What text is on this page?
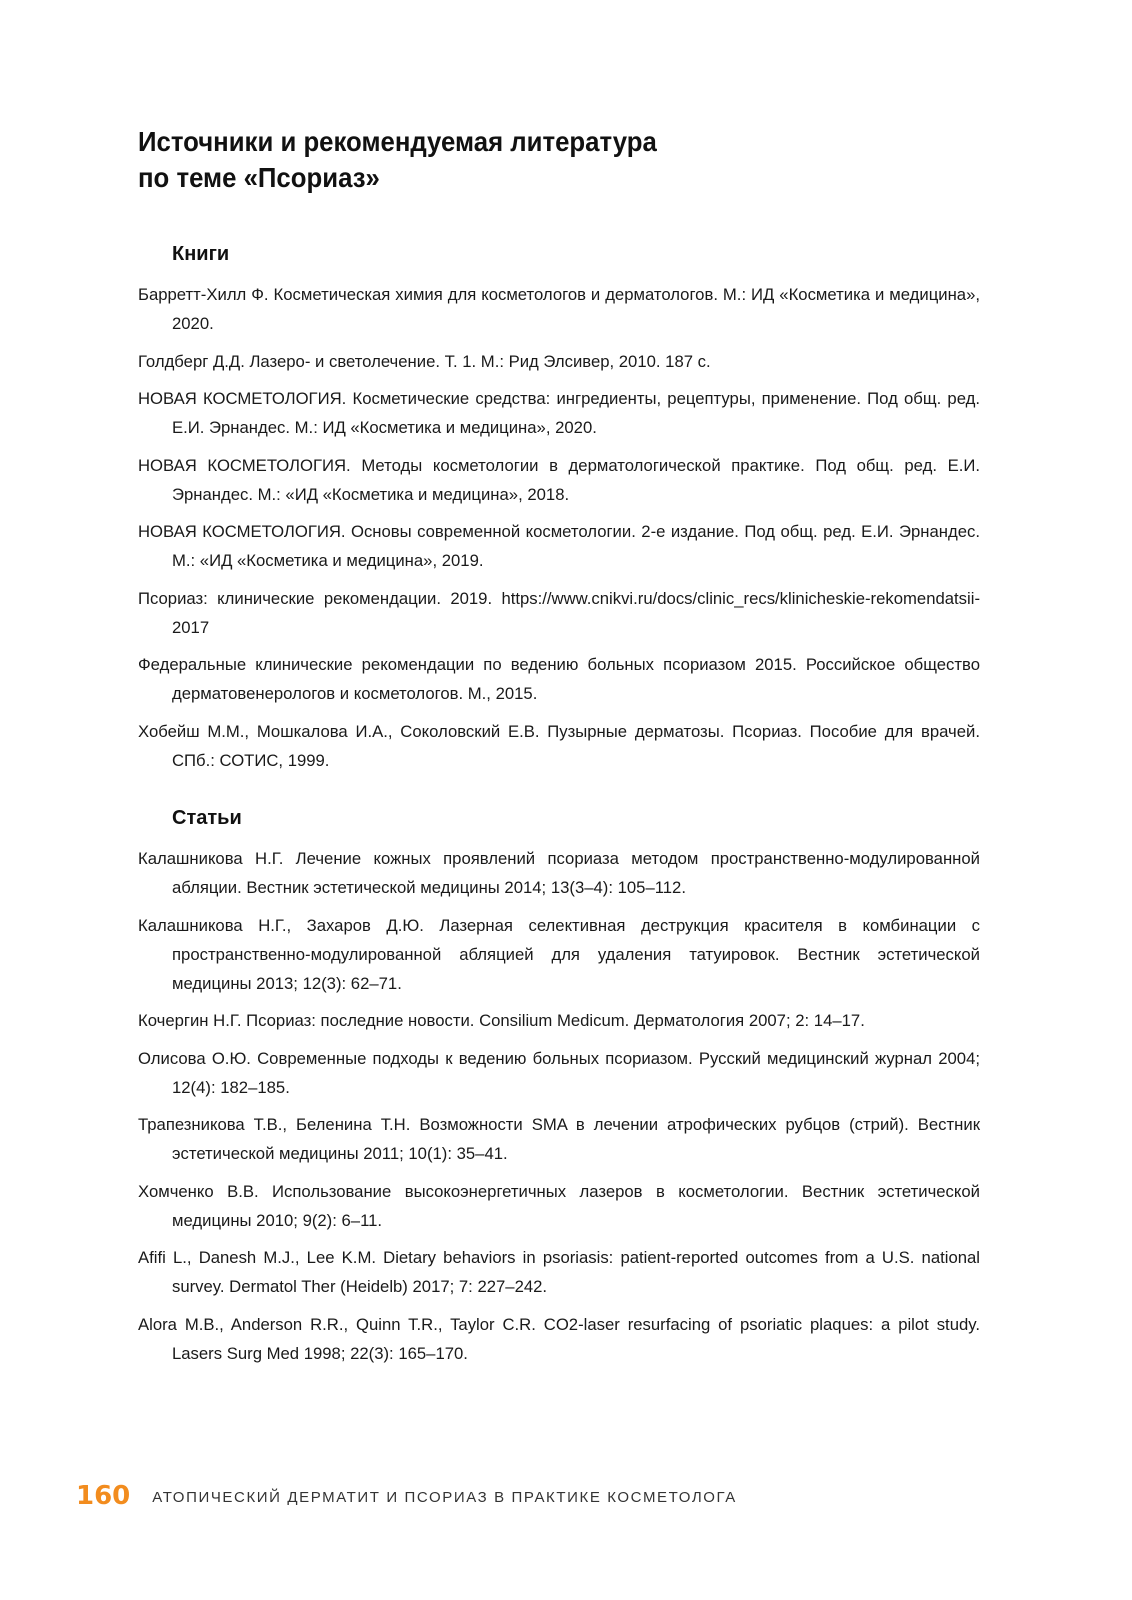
Источники и рекомендуемая литература
по теме «Псориаз»
Книги
Барретт-Хилл Ф. Косметическая химия для косметологов и дерматологов. М.: ИД «Косметика и медицина», 2020.
Голдберг Д.Д. Лазеро- и светолечение. Т. 1. М.: Рид Элсивер, 2010. 187 с.
НОВАЯ КОСМЕТОЛОГИЯ. Косметические средства: ингредиенты, рецептуры, применение. Под общ. ред. Е.И. Эрнандес. М.: ИД «Косметика и медицина», 2020.
НОВАЯ КОСМЕТОЛОГИЯ. Методы косметологии в дерматологической практике. Под общ. ред. Е.И. Эрнандес. М.: «ИД «Косметика и медицина», 2018.
НОВАЯ КОСМЕТОЛОГИЯ. Основы современной косметологии. 2-е издание. Под общ. ред. Е.И. Эрнандес. М.: «ИД «Косметика и медицина», 2019.
Псориаз: клинические рекомендации. 2019. https://www.cnikvi.ru/docs/clinic_recs/klinicheskie-rekomendatsii-2017
Федеральные клинические рекомендации по ведению больных псориазом 2015. Российское общество дерматовенерологов и косметологов. М., 2015.
Хобейш М.М., Мошкалова И.А., Соколовский Е.В. Пузырные дерматозы. Псориаз. Пособие для врачей. СПб.: СОТИС, 1999.
Статьи
Калашникова Н.Г. Лечение кожных проявлений псориаза методом пространственно-модулированной абляции. Вестник эстетической медицины 2014; 13(3–4): 105–112.
Калашникова Н.Г., Захаров Д.Ю. Лазерная селективная деструкция красителя в комбинации с пространственно-модулированной абляцией для удаления татуировок. Вестник эстетической медицины 2013; 12(3): 62–71.
Кочергин Н.Г. Псориаз: последние новости. Consilium Medicum. Дерматология 2007; 2: 14–17.
Олисова О.Ю. Современные подходы к ведению больных псориазом. Русский медицинский журнал 2004; 12(4): 182–185.
Трапезникова Т.В., Беленина Т.Н. Возможности SMA в лечении атрофических рубцов (стрий). Вестник эстетической медицины 2011; 10(1): 35–41.
Хомченко В.В. Использование высокоэнергетичных лазеров в косметологии. Вестник эстетической медицины 2010; 9(2): 6–11.
Afifi L., Danesh M.J., Lee K.M. Dietary behaviors in psoriasis: patient-reported outcomes from a U.S. national survey. Dermatol Ther (Heidelb) 2017; 7: 227–242.
Alora M.B., Anderson R.R., Quinn T.R., Taylor C.R. CO2-laser resurfacing of psoriatic plaques: a pilot study. Lasers Surg Med 1998; 22(3): 165–170.
160 АТОПИЧЕСКИЙ ДЕРМАТИТ И ПСОРИАЗ В ПРАКТИКЕ КОСМЕТОЛОГА
